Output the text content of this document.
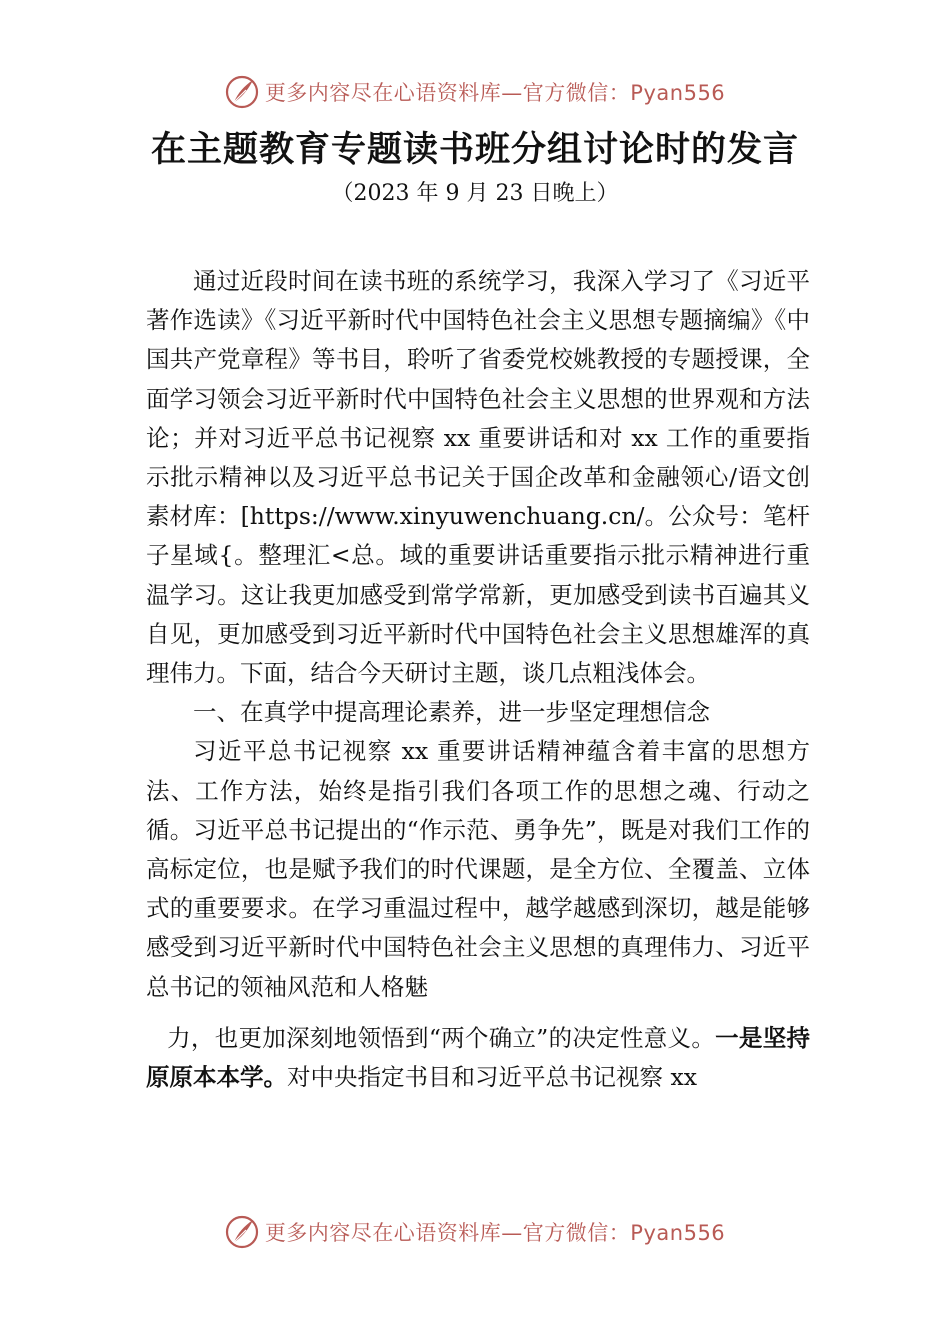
更多内容尽在心语资料库—官方微信：Pyan556
在主题教育专题读书班分组讨论时的发言

（2023 年 9 月 23 日晚上）

通过近段时间在读书班的系统学习，我深入学习了《习近平著作选读》《习近平新时代中国特色社会主义思想专题摘编》《中国共产党章程》等书目，聆听了省委党校姚教授的专题授课，全面学习领会习近平新时代中国特色社会主义思想的世界观和方法论；并对习近平总书记视察 xx 重要讲话和对 xx 工作的重要指示批示精神以及习近平总书记关于国企改革和金融领心/语文创素材库：[https://www.xinyuwenchuang.cn/。公众号：笔杆子星域{。整理汇<总。域的重要讲话重要指示批示精神进行重温学习。这让我更加感受到常学常新，更加感受到读书百遍其义自见，更加感受到习近平新时代中国特色社会主义思想雄浑的真理伟力。下面，结合今天研讨主题，谈几点粗浅体会。

一、在真学中提高理论素养，进一步坚定理想信念

习近平总书记视察 xx 重要讲话精神蕴含着丰富的思想方法、工作方法，始终是指引我们各项工作的思想之魂、行动之循。习近平总书记提出的“作示范、勇争先”，既是对我们工作的高标定位，也是赋予我们的时代课题，是全方位、全覆盖、立体式的重要要求。在学习重温过程中，越学越感到深切，越是能够感受到习近平新时代中国特色社会主义思想的真理伟力、习近平总书记的领袖风范和人格魅

力，也更加深刻地领悟到“两个确立”的决定性意义。一是坚持原原本本学。对中央指定书目和习近平总书记视察 xx

更多内容尽在心语资料库—官方微信：Pyan556
